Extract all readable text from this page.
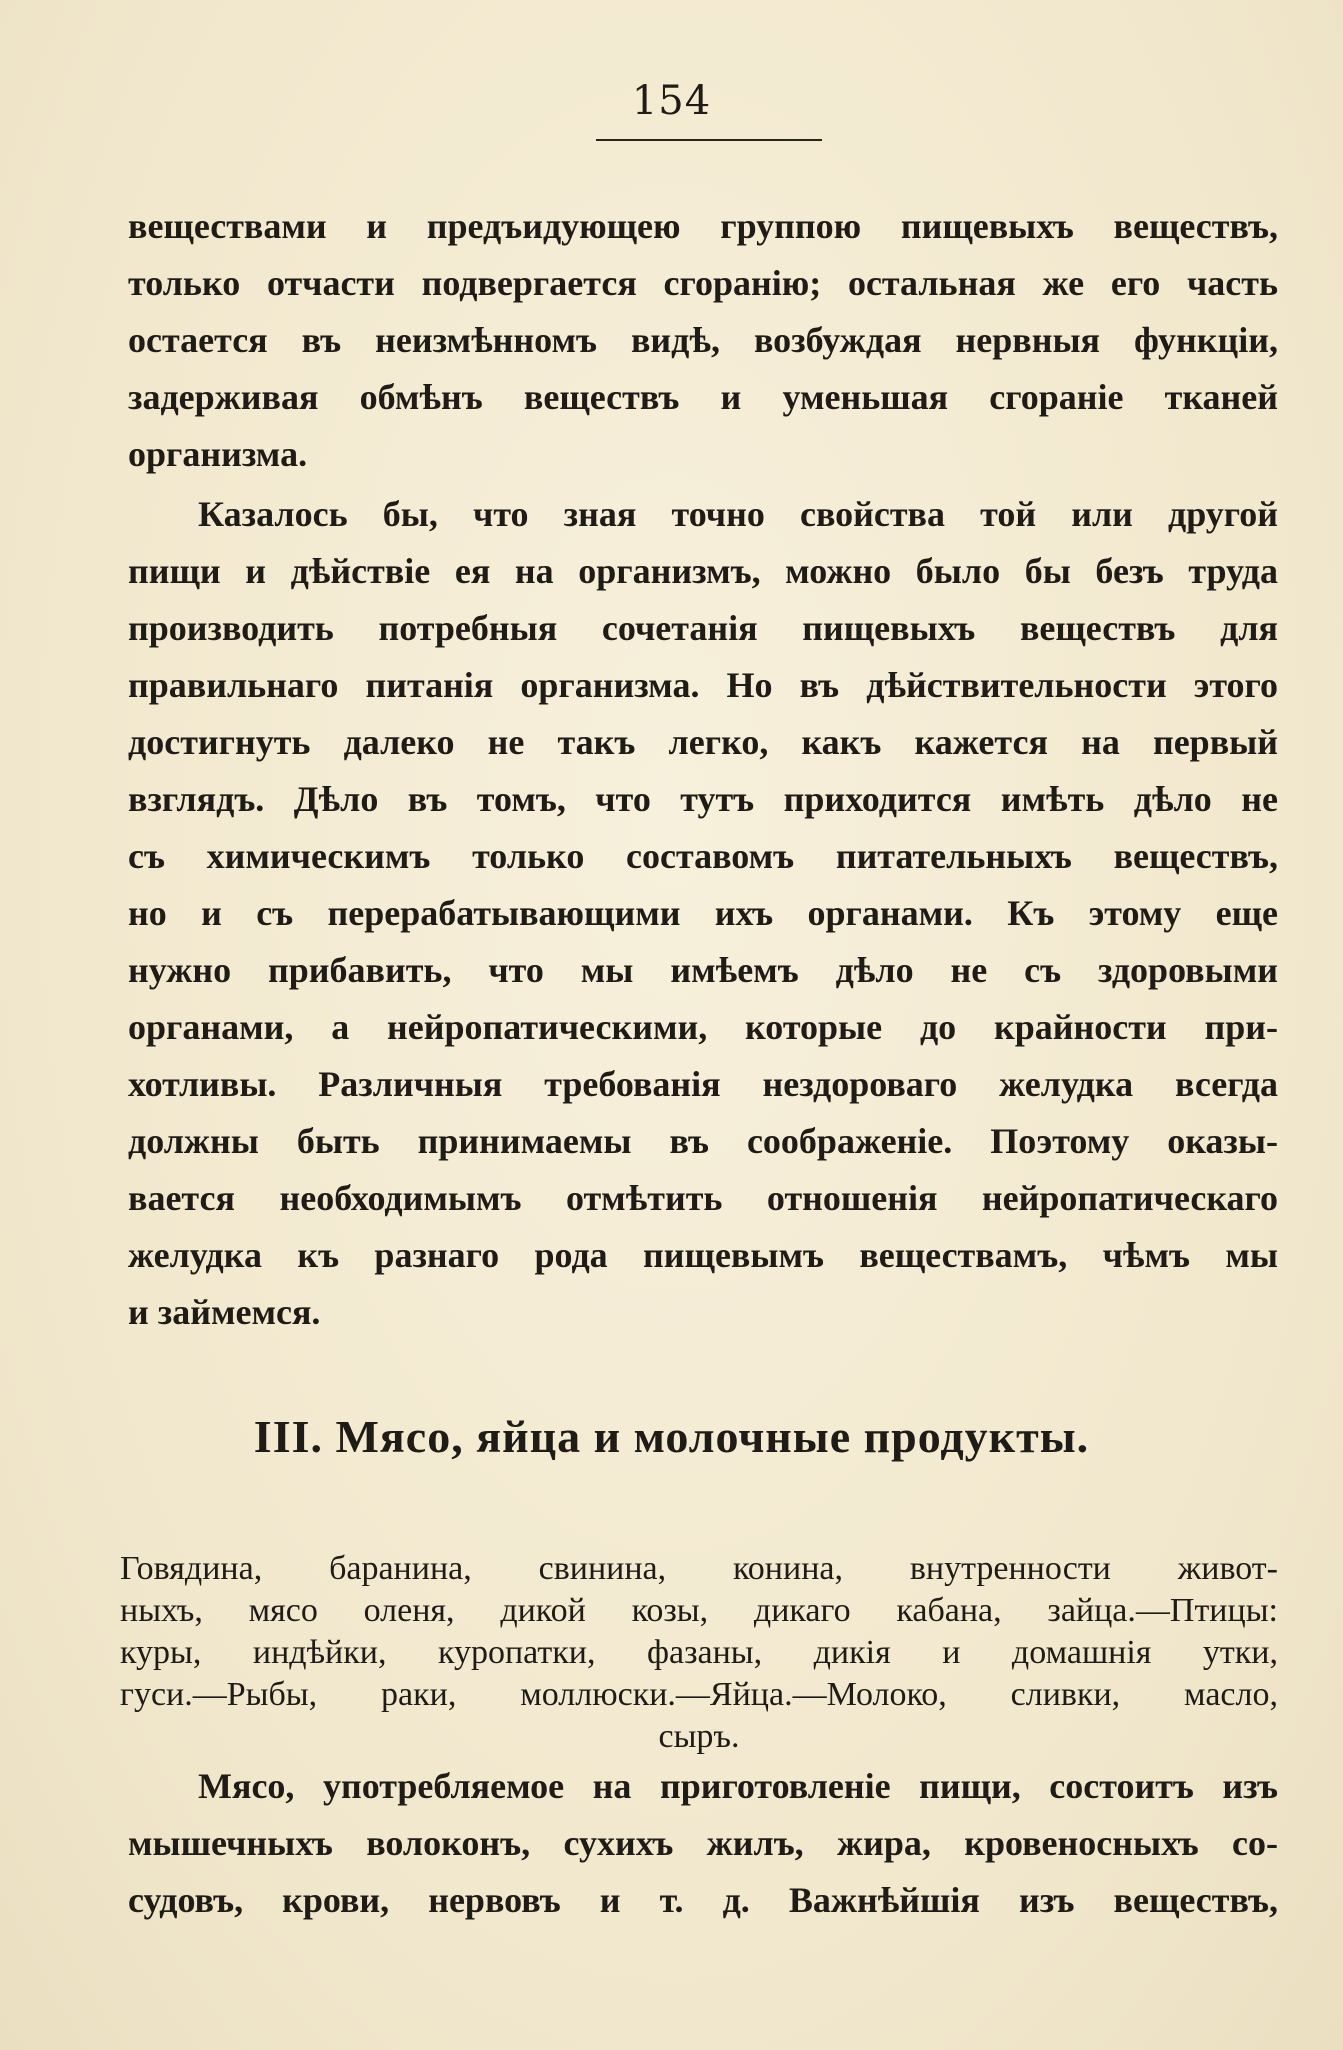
154
веществами и предъидующею группою пищевыхъ веществъ,
только отчасти подвергается сгоранію; остальная же его часть
остается въ неизмѣнномъ видѣ, возбуждая нервныя функціи,
задерживая обмѣнъ веществъ и уменьшая сгораніе тканей
организма.
Казалось бы, что зная точно свойства той или другой
пищи и дѣйствіе ея на организмъ, можно было бы безъ труда
производить потребныя сочетанія пищевыхъ веществъ для
правильнаго питанія организма. Но въ дѣйствительности этого
достигнуть далеко не такъ легко, какъ кажется на первый
взглядъ. Дѣло въ томъ, что тутъ приходится имѣть дѣло не
съ химическимъ только составомъ питательныхъ веществъ,
но и съ перерабатывающими ихъ органами. Къ этому еще
нужно прибавить, что мы имѣемъ дѣло не съ здоровыми
органами, а нейропатическими, которые до крайности при-
хотливы. Различныя требованія нездороваго желудка всегда
должны быть принимаемы въ соображеніе. Поэтому оказы-
вается необходимымъ отмѣтить отношенія нейропатическаго
желудка къ разнаго рода пищевымъ веществамъ, чѣмъ мы
и займемся.
III. Мясо, яйца и молочные продукты.
Говядина, баранина, свинина, конина, внутренности живот-
ныхъ, мясо оленя, дикой козы, дикаго кабана, зайца.—Птицы:
куры, индѣйки, куропатки, фазаны, дикія и домашнія утки,
гуси.—Рыбы, раки, моллюски.—Яйца.—Молоко, сливки, масло,
сыръ.
Мясо, употребляемое на приготовленіе пищи, состоитъ изъ
мышечныхъ волоконъ, сухихъ жилъ, жира, кровеносныхъ со-
судовъ, крови, нервовъ и т. д. Важнѣйшія изъ веществъ,
